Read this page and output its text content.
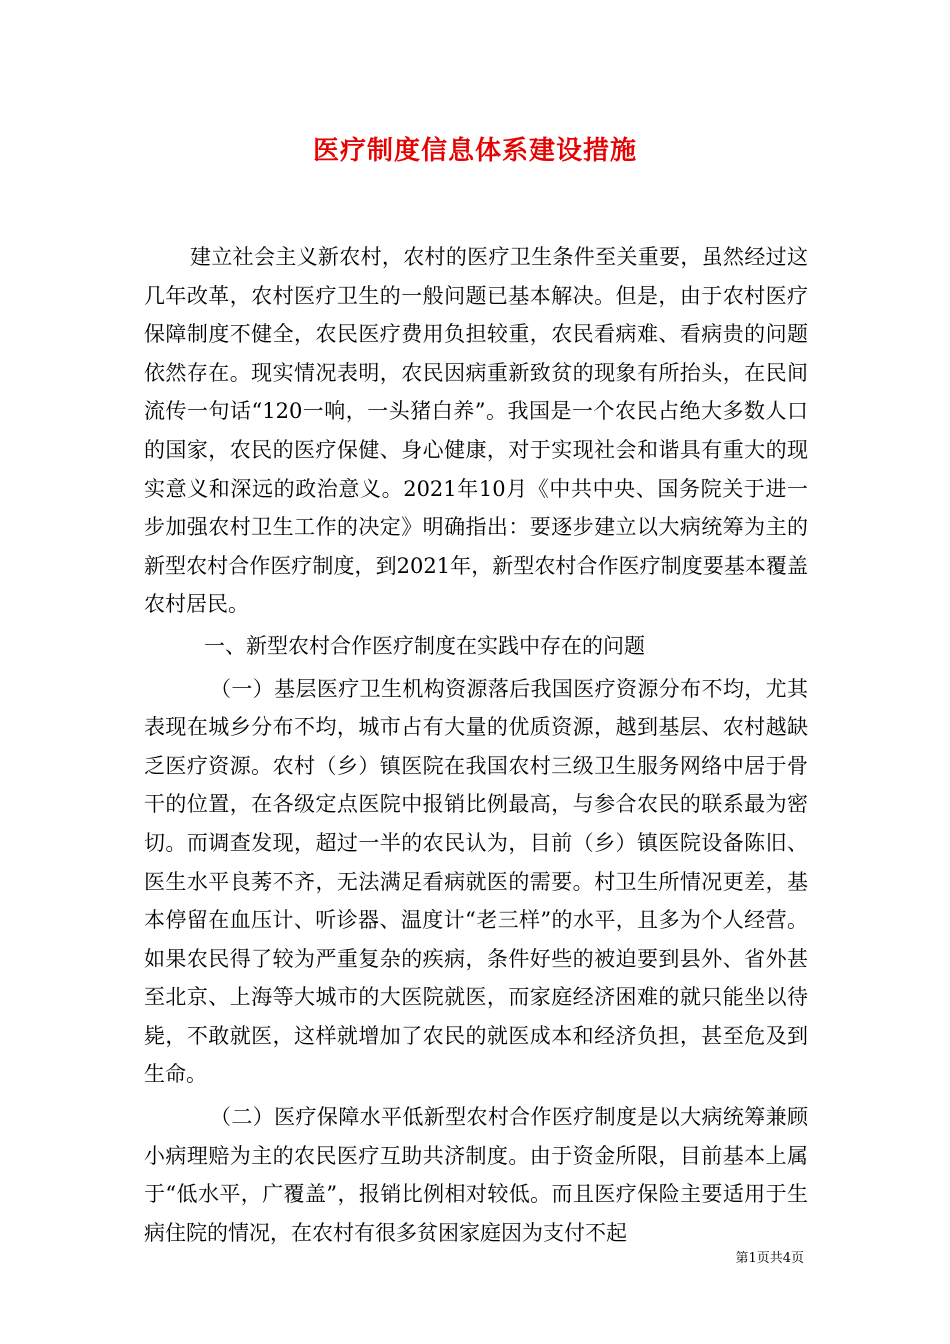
医疗制度信息体系建设措施

建立社会主义新农村，农村的医疗卫生条件至关重要，虽然经过这几年改革，农村医疗卫生的一般问题已基本解决。但是，由于农村医疗保障制度不健全，农民医疗费用负担较重，农民看病难、看病贵的问题依然存在。现实情况表明，农民因病重新致贫的现象有所抬头，在民间流传一句话“120一响，一头猪白养”。我国是一个农民占绝大多数人口的国家，农民的医疗保健、身心健康，对于实现社会和谐具有重大的现实意义和深远的政治意义。2021年10月《中共中央、国务院关于进一步加强农村卫生工作的决定》明确指出：要逐步建立以大病统筹为主的新型农村合作医疗制度，到2021年，新型农村合作医疗制度要基本覆盖农村居民。

一、新型农村合作医疗制度在实践中存在的问题

（一）基层医疗卫生机构资源落后我国医疗资源分布不均，尤其表现在城乡分布不均，城市占有大量的优质资源，越到基层、农村越缺乏医疗资源。农村（乡）镇医院在我国农村三级卫生服务网络中居于骨干的位置，在各级定点医院中报销比例最高，与参合农民的联系最为密切。而调查发现，超过一半的农民认为，目前（乡）镇医院设备陈旧、医生水平良莠不齐，无法满足看病就医的需要。村卫生所情况更差，基本停留在血压计、听诊器、温度计“老三样”的水平，且多为个人经营。如果农民得了较为严重复杂的疾病，条件好些的被迫要到县外、省外甚至北京、上海等大城市的大医院就医，而家庭经济困难的就只能坐以待毙，不敢就医，这样就增加了农民的就医成本和经济负担，甚至危及到生命。

（二）医疗保障水平低新型农村合作医疗制度是以大病统筹兼顾小病理赔为主的农民医疗互助共济制度。由于资金所限，目前基本上属于“低水平，广覆盖”，报销比例相对较低。而且医疗保险主要适用于生病住院的情况，在农村有很多贫困家庭因为支付不起

第1页共4页
